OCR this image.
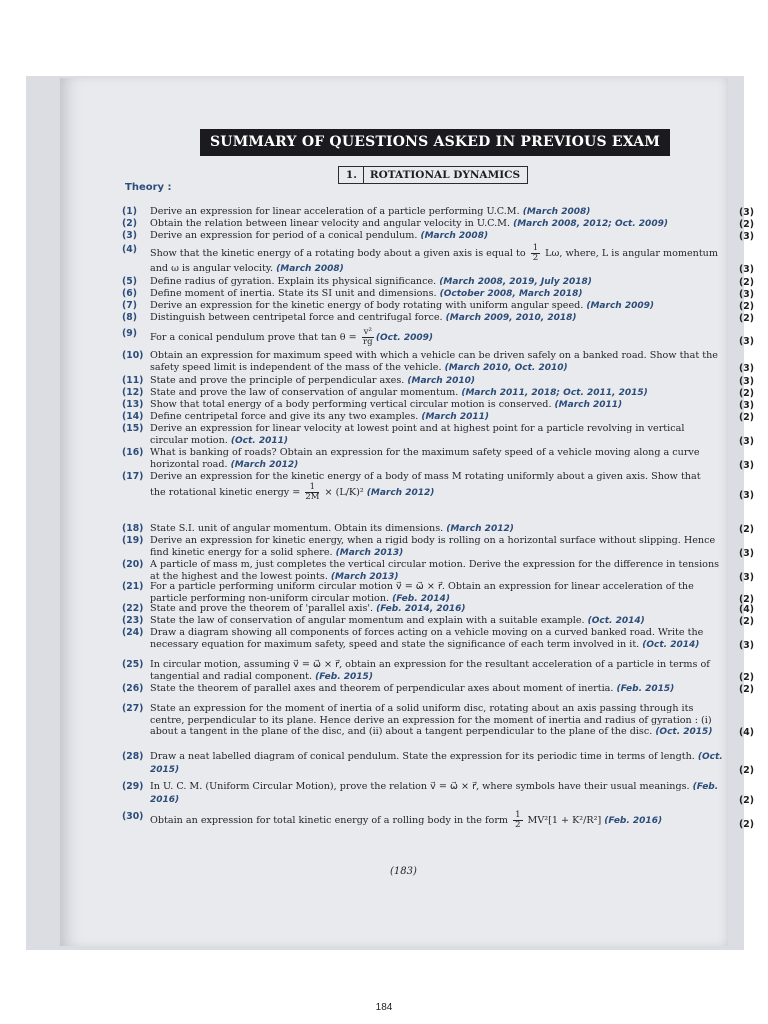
SUMMARY OF QUESTIONS ASKED IN PREVIOUS EXAM
1. ROTATIONAL DYNAMICS
Theory :
(1)	Derive an expression for linear acceleration of a particle performing U.C.M. (March 2008)	(3)
(2)	Obtain the relation between linear velocity and angular velocity in U.C.M. (March 2008, 2012; Oct. 2009)	(2)
(3)	Derive an expression for period of a conical pendulum. (March 2008)	(3)
(4)	Show that the kinetic energy of a rotating body about a given axis is equal to $\frac{1}{2} L\omega$, where, L is angular momentum and ω is angular velocity. (March 2008)	(3)
(5)	Define radius of gyration. Explain its physical significance. (March 2008, 2019, July 2018)	(2)
(6)	Define moment of inertia. State its SI unit and dimensions. (October 2008, March 2018)	(3)
(7)	Derive an expression for the kinetic energy of body rotating with uniform angular speed. (March 2009)	(2)
(8)	Distinguish between centripetal force and centrifugal force. (March 2009, 2010, 2018)	(2)
(9)	For a conical pendulum prove that $\tan \theta = \frac{\text{v²}}{rg} (Oct$. 2009)	(3)
(10) Obtain an expression for maximum speed with which a vehicle can be driven safely on a banked road. Show that the safety speed limit is independent of the mass of the vehicle. (March 2010, Oct. 2010)	(3)
(11) State and prove the principle of perpendicular axes. (March 2010)	(3)
(12) State and prove the law of conservation of angular momentum. (March 2011, 2018; Oct. 2011, 2015)	(2)
(13) Show that total energy of a body performing vertical circular motion is conserved. (March 2011)	(3)
(14) Define centripetal force and give its any two examples. (March 2011)	(2)
(15) Derive an expression for linear velocity at lowest point and at highest point for a particle revolving in vertical circular motion. (Oct. 2011)	(3)
(16) What is banking of roads? Obtain an expression for the maximum safety speed of a vehicle moving along a curve horizontal road. (March 2012)	(3)
(17) Derive an expression for the kinetic energy of a body of mass M rotating uniformly about a given axis. Show that
the rotational kinetic energy = $\frac{1}{2M} \times (L/K)^2$ (March 2012)	(3)
(18) State S.I. unit of angular momentum. Obtain its dimensions. (March 2012)	(2)
(19) Derive an expression for kinetic energy, when a rigid body is rolling on a horizontal surface without slipping. Hence find kinetic energy for a solid sphere. (March 2013)	(3)
(20) A particle of mass m, just completes the vertical circular motion. Derive the expression for the difference in tensions at the highest and the lowest points. (March 2013)	(3)
(21) For a particle performing uniform circular motion v⃗ = ω⃗ × r⃗. Obtain an expression for linear acceleration of the particle performing non-uniform circular motion. (Feb. 2014)	(2)
(22) State and prove the theorem of 'parallel axis'. (Feb. 2014, 2016)	(4)
(23) State the law of conservation of angular momentum and explain with a suitable example. (Oct. 2014)	(2)
(24) Draw a diagram showing all components of forces acting on a vehicle moving on a curved banked road. Write the necessary equation for maximum safety, speed and state the significance of each term involved in it. (Oct. 2014)	(3)
(25) In circular motion, assuming v⃗ = ω⃗ × r⃗, obtain an expression for the resultant acceleration of a particle in terms of tangential and radial component. (Feb. 2015)	(2)
(26) State the theorem of parallel axes and theorem of perpendicular axes about moment of inertia. (Feb. 2015)	(2)
(27) State an expression for the moment of inertia of a solid uniform disc, rotating about an axis passing through its centre, perpendicular to its plane. Hence derive an expression for the moment of inertia and radius of gyration : (i) about a tangent in the plane of the disc, and (ii) about a tangent perpendicular to the plane of the disc. (Oct. 2015)	(4)
(28) Draw a neat labelled diagram of conical pendulum. State the expression for its periodic time in terms of length. (Oct. 2015)	(2)
(29) In U. C. M. (Uniform Circular Motion), prove the relation v⃗ = ω⃗ × r⃗, where symbols have their usual meanings. (Feb. 2016)	(2)
(30) Obtain an expression for total kinetic energy of a rolling body in the form $\frac{1}{2} MV^2[1 + K^2/R^2]$ (Feb. 2016)	(2)
(183)
184
